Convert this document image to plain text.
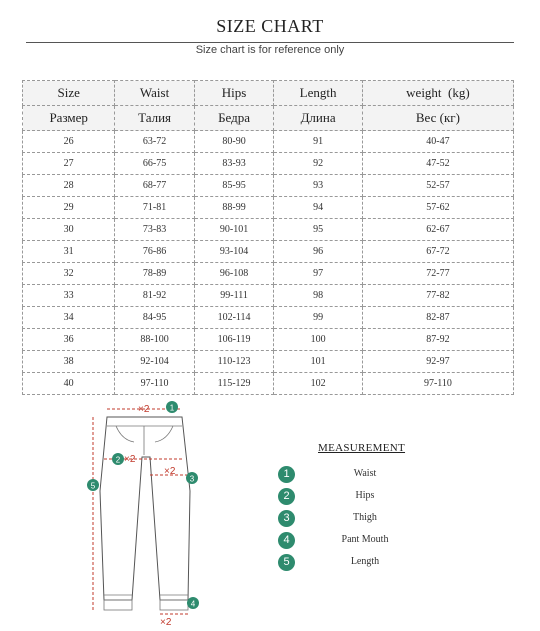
SIZE CHART
Size chart is for reference only
Size	Waist	Hips	Length	weight  (kg)
Размер	Талия	Бедра	Длина	Вес (кг)
26	63-72	80-90	91	40-47
27	66-75	83-93	92	47-52
28	68-77	85-95	93	52-57
29	71-81	88-99	94	57-62
30	73-83	90-101	95	62-67
31	76-86	93-104	96	67-72
32	78-89	96-108	97	72-77
33	81-92	99-111	98	77-82
34	84-95	102-114	99	82-87
36	88-100	106-119	100	87-92
38	92-104	110-123	101	92-97
40	97-110	115-129	102	97-110
×2
×2
×2
×2
1
2
3
4
5
MEASUREMENT
1	Waist
2	Hips
3	Thigh
4	Pant Mouth
5	Length
